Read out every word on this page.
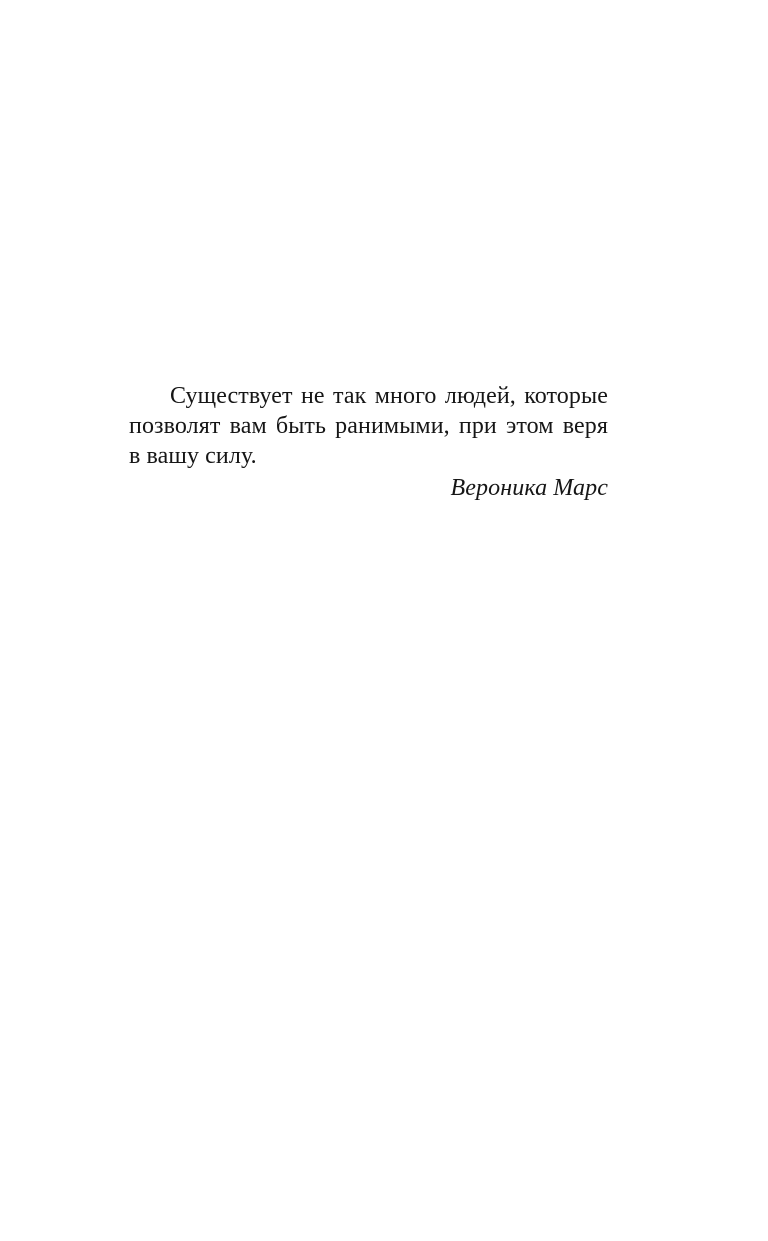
Существует не так много людей, которые
позволят вам быть ранимыми, при этом веря
в вашу силу.
Вероника Марс
